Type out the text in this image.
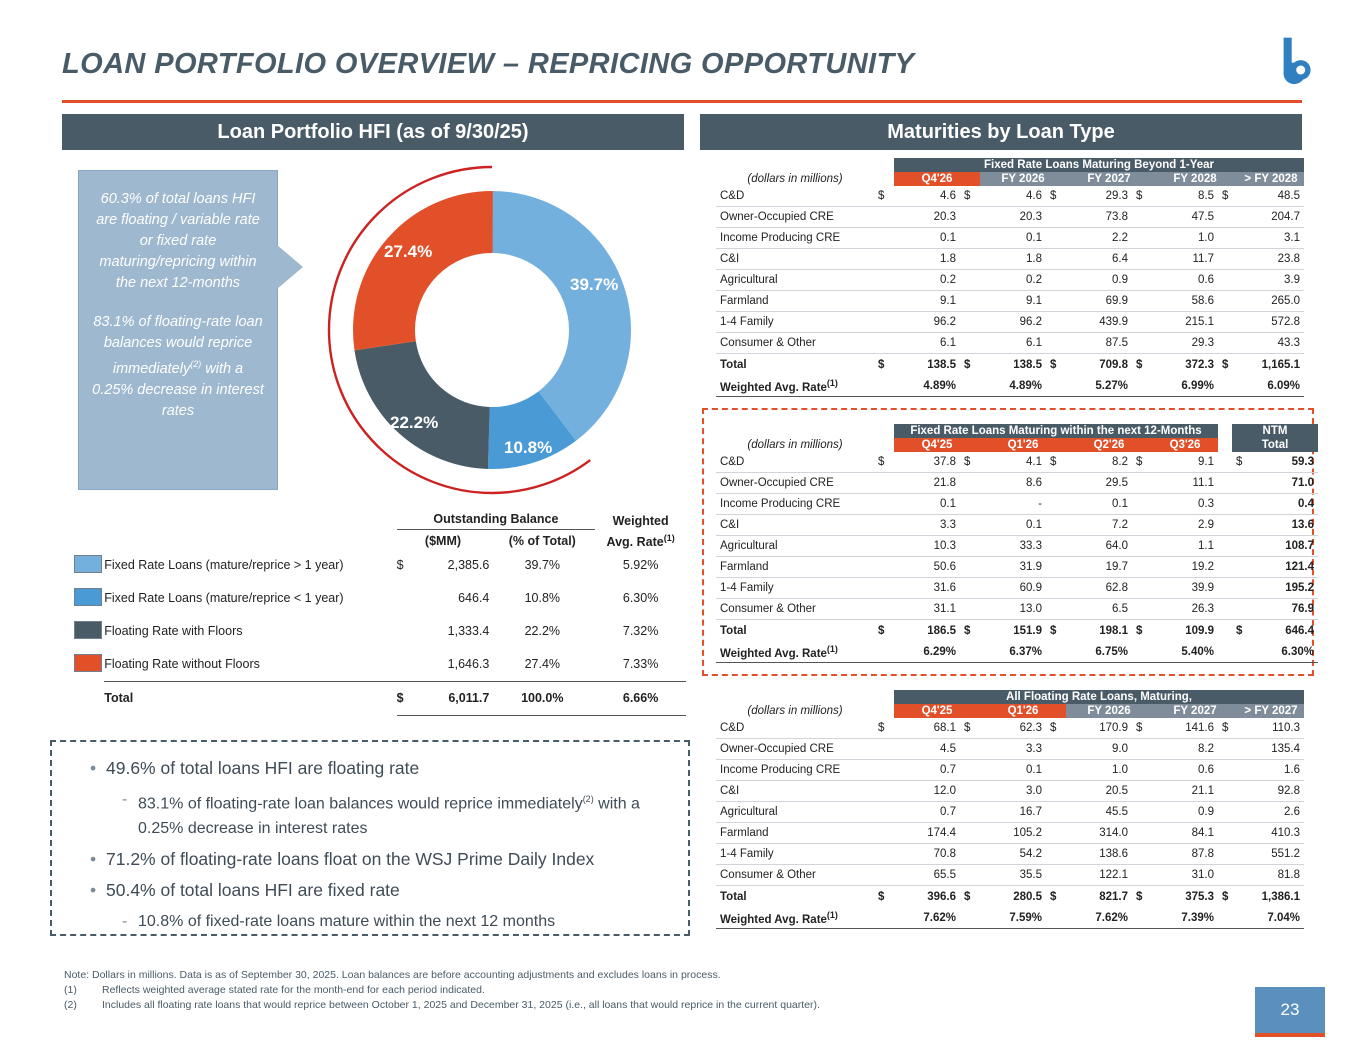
LOAN PORTFOLIO OVERVIEW – REPRICING OPPORTUNITY
Loan Portfolio HFI (as of 9/30/25)	Maturities by Loan Type

60.3% of total loans HFI are floating / variable rate or fixed rate maturing/repricing within the next 12-months

83.1% of floating-rate loan balances would reprice immediately$^{(2)}$ with a 0.25% decrease in interest rates

39.7%
10.8%
22.2%
27.4%
		Outstanding Balance		Weighted
		($MM)	(% of Total)	Avg. Rate$^{(1)}$
	Fixed Rate Loans (mature/reprice > 1 year)	$ 2,385.6	39.7%	5.92%
	Fixed Rate Loans (mature/reprice < 1 year)	646.4	10.8%	6.30%
	Floating Rate with Floors	1,333.4	22.2%	7.32%
	Floating Rate without Floors	1,646.3	27.4%	7.33%
	Total	$ 6,011.7	100.0%	6.66%
• 49.6% of total loans HFI are floating rate
- 83.1% of floating-rate loan balances would reprice immediately$^{(2)}$ with a 0.25% decrease in interest rates
• 71.2% of floating-rate loans float on the WSJ Prime Daily Index
• 50.4% of total loans HFI are fixed rate
- 10.8% of fixed-rate loans mature within the next 12 months
		Fixed Rate Loans Maturing Beyond 1-Year								
(dollars in millions)		Q4'26		FY 2026		FY 2027		FY 2028		> FY 2028
C&D	$	4.6	$	4.6	$	29.3	$	8.5	$	48.5
Owner-Occupied CRE		20.3		20.3		73.8		47.5		204.7
Income Producing CRE		0.1		0.1		2.2		1.0		3.1
C&I		1.8		1.8		6.4		11.7		23.8
Agricultural		0.2		0.2		0.9		0.6		3.9
Farmland		9.1		9.1		69.9		58.6		265.0
1-4 Family		96.2		96.2		439.9		215.1		572.8
Consumer & Other		6.1		6.1		87.5		29.3		43.3
Total	$	138.5	$	138.5	$	709.8	$	372.3	$	1,165.1
Weighted Avg. Rate$^{(1)}$		4.89%		4.89%		5.27%		6.99%		6.09%
		Fixed Rate Loans Maturing within the next 12-Months								NTM	
(dollars in millions)		Q4'25		Q1'26		Q2'26		Q3'26		Total	
C&D	$	37.8	$	4.1	$	8.2	$	9.1		$	59.3
Owner-Occupied CRE		21.8		8.6		29.5		11.1			71.0
Income Producing CRE		0.1		-		0.1		0.3			0.4
C&I		3.3		0.1		7.2		2.9			13.6
Agricultural		10.3		33.3		64.0		1.1			108.7
Farmland		50.6		31.9		19.7		19.2			121.4
1-4 Family		31.6		60.9		62.8		39.9			195.2
Consumer & Other		31.1		13.0		6.5		26.3			76.9
Total	$	186.5	$	151.9	$	198.1	$	109.9		$	646.4
Weighted Avg. Rate$^{(1)}$		6.29%		6.37%		6.75%		5.40%			6.30%
		All Floating Rate Loans, Maturing,								
(dollars in millions)		Q4'25		Q1'26		FY 2026		FY 2027		> FY 2027
C&D	$	68.1	$	62.3	$	170.9	$	141.6	$	110.3
Owner-Occupied CRE		4.5		3.3		9.0		8.2		135.4
Income Producing CRE		0.7		0.1		1.0		0.6		1.6
C&I		12.0		3.0		20.5		21.1		92.8
Agricultural		0.7		16.7		45.5		0.9		2.6
Farmland		174.4		105.2		314.0		84.1		410.3
1-4 Family		70.8		54.2		138.6		87.8		551.2
Consumer & Other		65.5		35.5		122.1		31.0		81.8
Total	$	396.6	$	280.5	$	821.7	$	375.3	$	1,386.1
Weighted Avg. Rate$^{(1)}$		7.62%		7.59%		7.62%		7.39%		7.04%
Note: Dollars in millions. Data is as of September 30, 2025. Loan balances are before accounting adjustments and excludes loans in process.
(1)	Reflects weighted average stated rate for the month-end for each period indicated.
(2)	Includes all floating rate loans that would reprice between October 1, 2025 and December 31, 2025 (i.e., all loans that would reprice in the current quarter).	23
